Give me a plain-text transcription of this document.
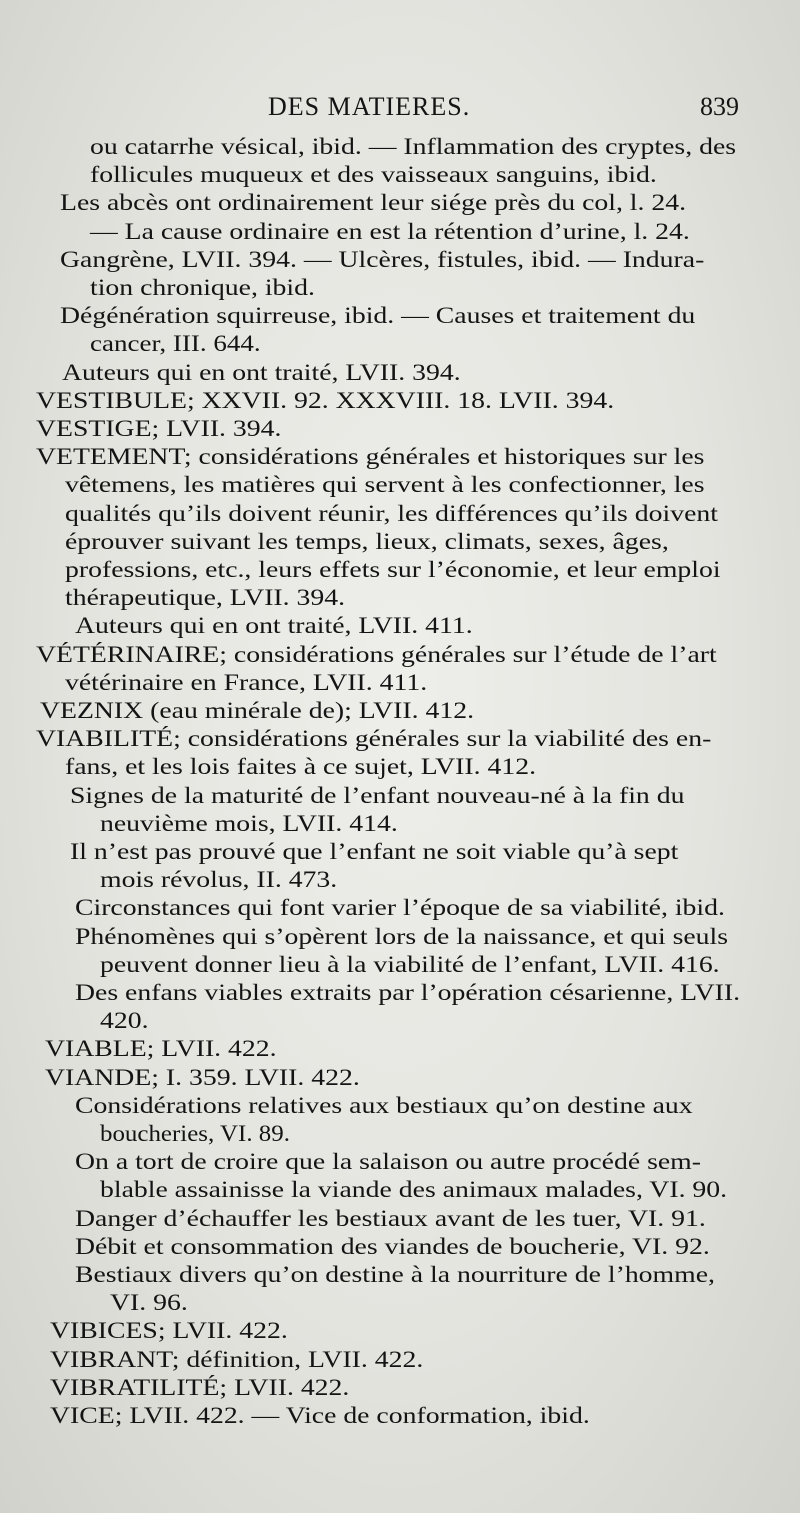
DES MATIERES.	839
ou catarrhe vésical, ibid. — Inflammation des cryptes, des
follicules muqueux et des vaisseaux sanguins, ibid.
Les abcès ont ordinairement leur siége près du col, l. 24.
— La cause ordinaire en est la rétention d’urine, l. 24.
Gangrène, LVII. 394. — Ulcères, fistules, ibid. — Indura-
tion chronique, ibid.
Dégénération squirreuse, ibid. — Causes et traitement du
cancer, III. 644.
Auteurs qui en ont traité, LVII. 394.
VESTIBULE; XXVII. 92. XXXVIII. 18. LVII. 394.
VESTIGE; LVII. 394.
VETEMENT; considérations générales et historiques sur les
vêtemens, les matières qui servent à les confectionner, les
qualités qu’ils doivent réunir, les différences qu’ils doivent
éprouver suivant les temps, lieux, climats, sexes, âges,
professions, etc., leurs effets sur l’économie, et leur emploi
thérapeutique, LVII. 394.
Auteurs qui en ont traité, LVII. 411.
VÉTÉRINAIRE; considérations générales sur l’étude de l’art
vétérinaire en France, LVII. 411.
VEZNIX (eau minérale de); LVII. 412.
VIABILITÉ; considérations générales sur la viabilité des en-
fans, et les lois faites à ce sujet, LVII. 412.
Signes de la maturité de l’enfant nouveau-né à la fin du
neuvième mois, LVII. 414.
Il n’est pas prouvé que l’enfant ne soit viable qu’à sept
mois révolus, II. 473.
Circonstances qui font varier l’époque de sa viabilité, ibid.
Phénomènes qui s’opèrent lors de la naissance, et qui seuls
peuvent donner lieu à la viabilité de l’enfant, LVII. 416.
Des enfans viables extraits par l’opération césarienne, LVII.
420.
VIABLE; LVII. 422.
VIANDE; I. 359. LVII. 422.
Considérations relatives aux bestiaux qu’on destine aux
boucheries, VI. 89.
On a tort de croire que la salaison ou autre procédé sem-
blable assainisse la viande des animaux malades, VI. 90.
Danger d’échauffer les bestiaux avant de les tuer, VI. 91.
Débit et consommation des viandes de boucherie, VI. 92.
Bestiaux divers qu’on destine à la nourriture de l’homme,
VI. 96.
VIBICES; LVII. 422.
VIBRANT; définition, LVII. 422.
VIBRATILITÉ; LVII. 422.
VICE; LVII. 422. — Vice de conformation, ibid.
